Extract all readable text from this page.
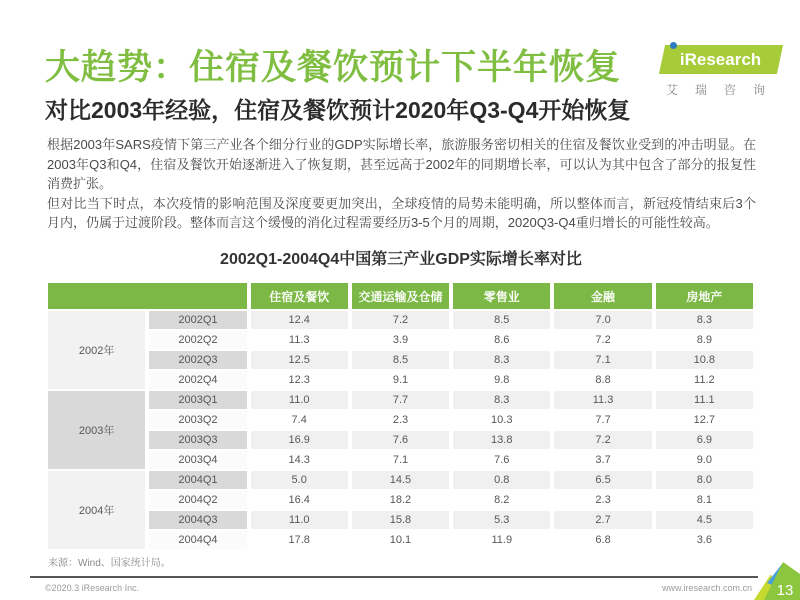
大趋势：住宿及餐饮预计下半年恢复	iResearch
艾瑞咨询
对比2003年经验，住宿及餐饮预计2020年Q3-Q4开始恢复

根据2003年SARS疫情下第三产业各个细分行业的GDP实际增长率，旅游服务密切相关的住宿及餐饮业受到的冲击明显。在2003年Q3和Q4，住宿及餐饮开始逐渐进入了恢复期，甚至远高于2002年的同期增长率，可以认为其中包含了部分的报复性消费扩张。

但对比当下时点，本次疫情的影响范围及深度要更加突出，全球疫情的局势未能明确，所以整体而言，新冠疫情结束后3个月内，仍属于过渡阶段。整体而言这个缓慢的消化过程需要经历3-5个月的周期，2020Q3-Q4重归增长的可能性较高。

2002Q1-2004Q4中国第三产业GDP实际增长率对比
		住宿及餐饮	交通运输及仓储	零售业	金融	房地产
2002年	2002Q1	12.4	7.2	8.5	7.0	8.3
	2002Q2	11.3	3.9	8.6	7.2	8.9
	2002Q3	12.5	8.5	8.3	7.1	10.8
	2002Q4	12.3	9.1	9.8	8.8	11.2
2003年	2003Q1	11.0	7.7	8.3	11.3	11.1
	2003Q2	7.4	2.3	10.3	7.7	12.7
	2003Q3	16.9	7.6	13.8	7.2	6.9
	2003Q4	14.3	7.1	7.6	3.7	9.0
2004年	2004Q1	5.0	14.5	0.8	6.5	8.0
	2004Q2	16.4	18.2	8.2	2.3	8.1
	2004Q3	11.0	15.8	5.3	2.7	4.5
	2004Q4	17.8	10.1	11.9	6.8	3.6
来源：Wind、国家统计局。
©2020.3 iResearch Inc.	www.iresearch.com.cn 13
